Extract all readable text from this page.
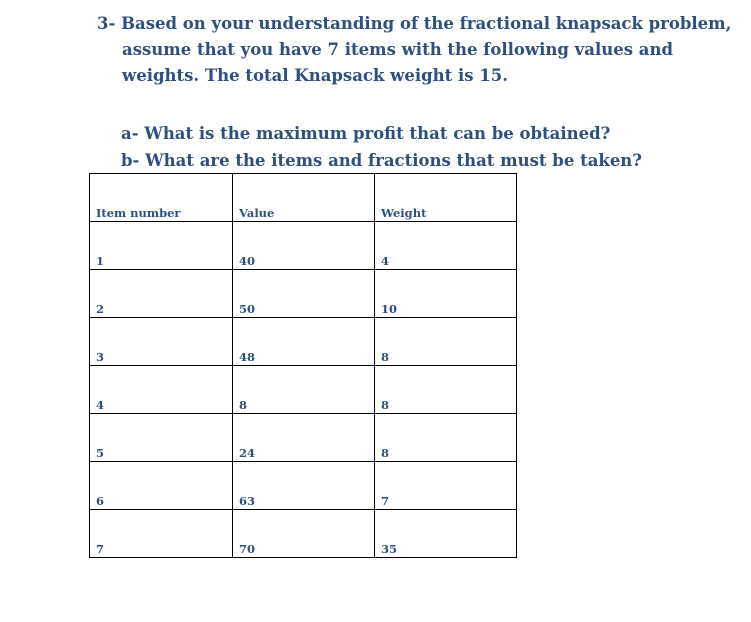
3- Based on your understanding of the fractional knapsack problem,
assume that you have 7 items with the following values and
weights. The total Knapsack weight is 15.
a- What is the maximum profit that can be obtained?
b- What are the items and fractions that must be taken?
Item number	Value	Weight
1	40	4
2	50	10
3	48	8
4	8	8
5	24	8
6	63	7
7	70	35
